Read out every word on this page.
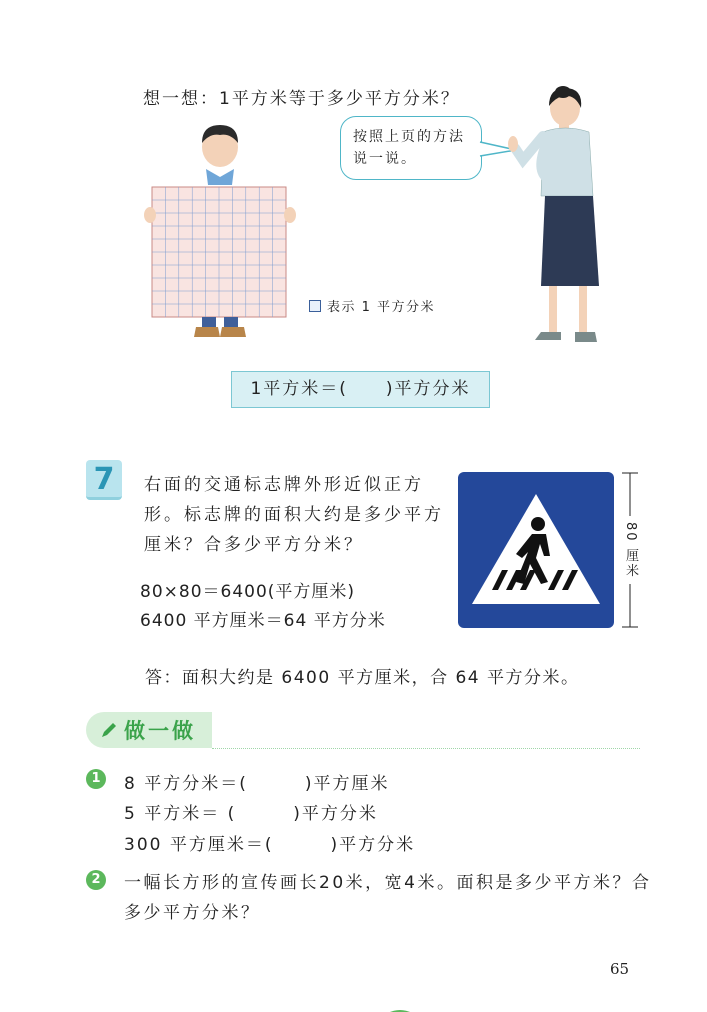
想一想：1平方米等于多少平方分米？
按照上页的方法说一说。
表示 1 平方分米
1平方米＝(　　)平方分米
7	右面的交通标志牌外形近似正方形。标志牌的面积大约是多少平方厘米？合多少平方分米？
80×80＝6400(平方厘米)
6400 平方厘米＝64 平方分米
答：面积大约是 6400 平方厘米，合 64 平方分米。
80 厘米
做一做
1	8 平方分米＝(　　　)平方厘米
5 平方米＝ (　　　)平方分米
300 平方厘米＝(　　　)平方分米
2	一幅长方形的宣传画长20米，宽4米。面积是多少平方米？合多少平方分米？
65
